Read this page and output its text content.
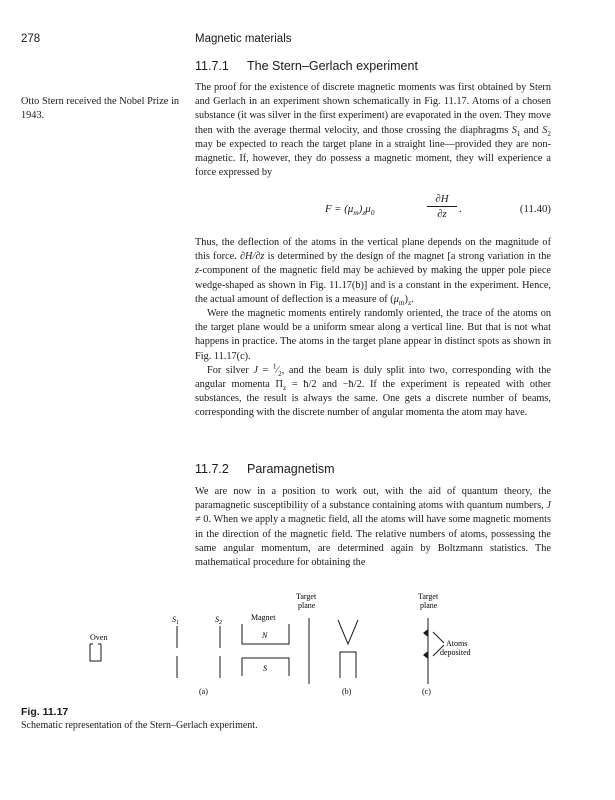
278	Magnetic materials
11.7.1 The Stern–Gerlach experiment
Otto Stern received the Nobel Prize in 1943.

The proof for the existence of discrete magnetic moments was first obtained by Stern and Gerlach in an experiment shown schematically in Fig. 11.17. Atoms of a chosen substance (it was silver in the first experiment) are evaporated in the oven. They move then with the average thermal velocity, and those crossing the diaphragms $S_1$ and $S_2$ may be expected to reach the target plane in a straight line—provided they are non-magnetic. If, however, they do possess a magnetic moment, they will experience a force expressed by

$F = (\mu_m)_z\mu_0$	$\frac{\partial H}{\partial z}$ .	(11.40)

Thus, the deflection of the atoms in the vertical plane depends on the magnitude of this force. ∂H/∂z is determined by the design of the magnet [a strong variation in the z-component of the magnetic field may be achieved by making the upper pole piece wedge-shaped as shown in Fig. 11.17(b)] and is a constant in the experiment. Hence, the actual amount of deflection is a measure of $(\mu_m)_z$.

Were the magnetic moments entirely randomly oriented, the trace of the atoms on the target plane would be a uniform smear along a vertical line. But that is not what happens in practice. The atoms in the target plane appear in distinct spots as shown in Fig. 11.17(c).

For silver $J = ^1⁄_2$, and the beam is duly split into two, corresponding with the angular momenta $\Pi_z$ = ħ/2 and −ħ/2. If the experiment is repeated with other substances, the result is always the same. One gets a discrete number of beams, corresponding with the discrete number of angular momenta the atom may have.

11.7.2 Paramagnetism

We are now in a position to work out, with the aid of quantum theory, the paramagnetic susceptibility of a substance containing atoms with quantum numbers, J ≠ 0. When we apply a magnetic field, all the atoms will have some magnetic moments in the direction of the magnetic field. The relative numbers of atoms, possessing the same angular momentum, are determined again by Boltzmann statistics. The mathematical procedure for obtaining the

Oven
$S_1$	$S_2$
Magnet
N
S
Target
plane
Target
plane
Atoms
deposited
(a)	(b)	(c)
Fig. 11.17
Schematic representation of the Stern–Gerlach experiment.
